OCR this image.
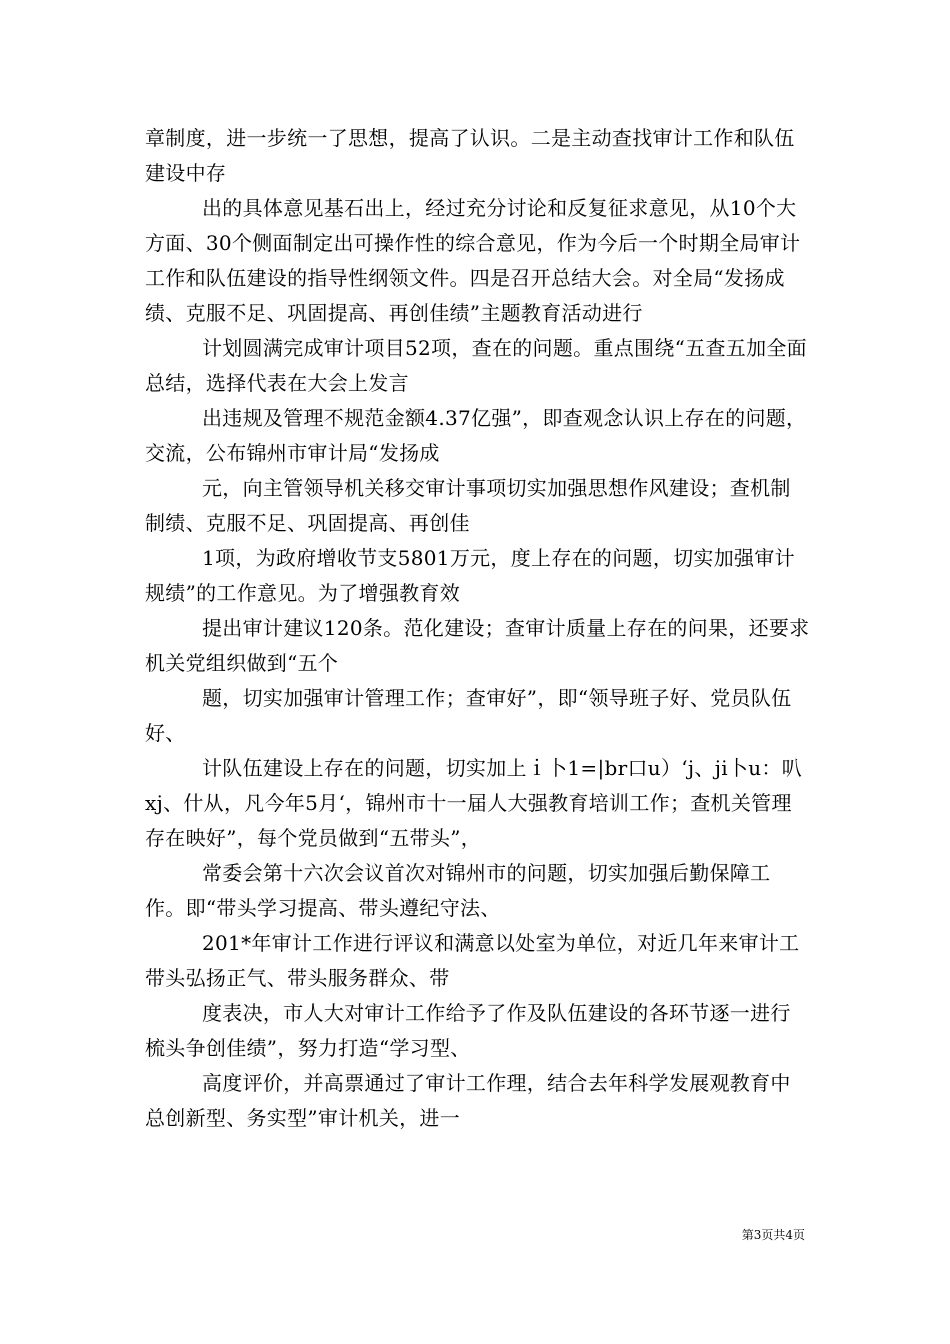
章制度，进一步统一了思想，提高了认识。二是主动查找审计工作和队伍建设中存

出的具体意见基石出上，经过充分讨论和反复征求意见，从10个大方面、30个侧面制定出可操作性的综合意见，作为今后一个时期全局审计工作和队伍建设的指导性纲领文件。四是召开总结大会。对全局“发扬成绩、克服不足、巩固提高、再创佳绩”主题教育活动进行

计划圆满完成审计项目52项，查在的问题。重点围绕“五查五加全面总结，选择代表在大会上发言

出违规及管理不规范金额4.37亿强”，即查观念认识上存在的问题，交流，公布锦州市审计局“发扬成

元，向主管领导机关移交审计事项切实加强思想作风建设；查机制制绩、克服不足、巩固提高、再创佳

1项，为政府增收节支5801万元，度上存在的问题，切实加强审计规绩”的工作意见。为了增强教育效

提出审计建议120条。范化建设；查审计质量上存在的问果，还要求机关党组织做到“五个

题，切实加强审计管理工作；查审好”，即“领导班子好、党员队伍好、

计队伍建设上存在的问题，切实加上ｉ卜1=|br口u）‘j、ji卜u：叭xj、什从，凡今年5月‘，锦州市十一届人大强教育培训工作；查机关管理存在映好”，每个党员做到“五带头”，

常委会第十六次会议首次对锦州市的问题，切实加强后勤保障工作。即“带头学习提高、带头遵纪守法、

201*年审计工作进行评议和满意以处室为单位，对近几年来审计工带头弘扬正气、带头服务群众、带

度表决，市人大对审计工作给予了作及队伍建设的各环节逐一进行梳头争创佳绩”，努力打造“学习型、

高度评价，并高票通过了审计工作理，结合去年科学发展观教育中总创新型、务实型”审计机关，进一

第3页共4页
